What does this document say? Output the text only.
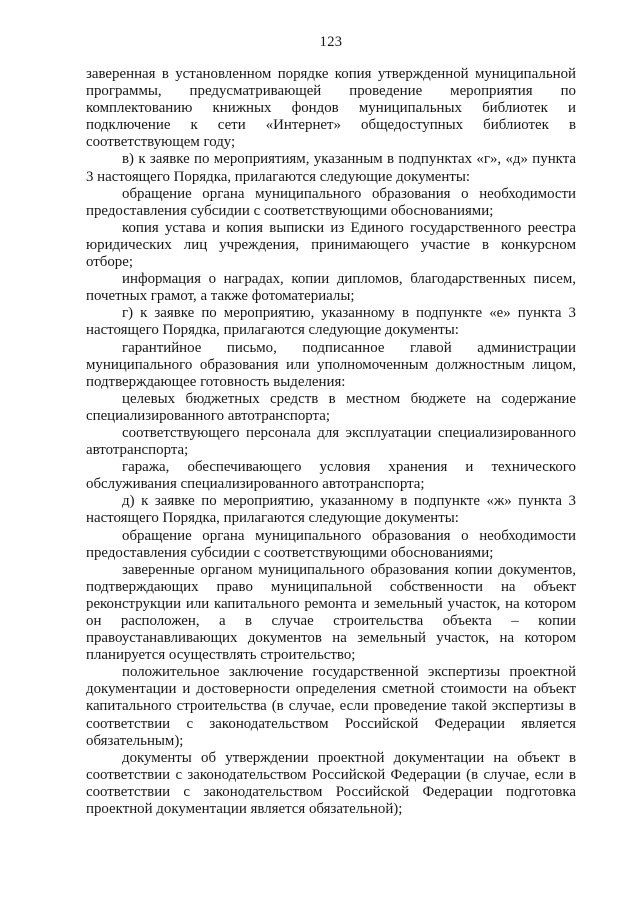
123

заверенная в установленном порядке копия утвержденной муниципальной программы, предусматривающей проведение мероприятия по комплектованию книжных фондов муниципальных библиотек и подключение к сети «Интернет» общедоступных библиотек в соответствующем году;

в) к заявке по мероприятиям, указанным в подпунктах «г», «д» пункта 3 настоящего Порядка, прилагаются следующие документы:

обращение органа муниципального образования о необходимости предоставления субсидии с соответствующими обоснованиями;

копия устава и копия выписки из Единого государственного реестра юридических лиц учреждения, принимающего участие в конкурсном отборе;

информация о наградах, копии дипломов, благодарственных писем, почетных грамот, а также фотоматериалы;

г) к заявке по мероприятию, указанному в подпункте «е» пункта 3 настоящего Порядка, прилагаются следующие документы:

гарантийное письмо, подписанное главой администрации муниципального образования или уполномоченным должностным лицом, подтверждающее готовность выделения:

целевых бюджетных средств в местном бюджете на содержание специализированного автотранспорта;

соответствующего персонала для эксплуатации специализированного автотранспорта;

гаража, обеспечивающего условия хранения и технического обслуживания специализированного автотранспорта;

д) к заявке по мероприятию, указанному в подпункте «ж» пункта 3 настоящего Порядка, прилагаются следующие документы:

обращение органа муниципального образования о необходимости предоставления субсидии с соответствующими обоснованиями;

заверенные органом муниципального образования копии документов, подтверждающих право муниципальной собственности на объект реконструкции или капитального ремонта и земельный участок, на котором он расположен, а в случае строительства объекта – копии правоустанавливающих документов на земельный участок, на котором планируется осуществлять строительство;

положительное заключение государственной экспертизы проектной документации и достоверности определения сметной стоимости на объект капитального строительства (в случае, если проведение такой экспертизы в соответствии с законодательством Российской Федерации является обязательным);

документы об утверждении проектной документации на объект в соответствии с законодательством Российской Федерации (в случае, если в соответствии с законодательством Российской Федерации подготовка проектной документации является обязательной);
